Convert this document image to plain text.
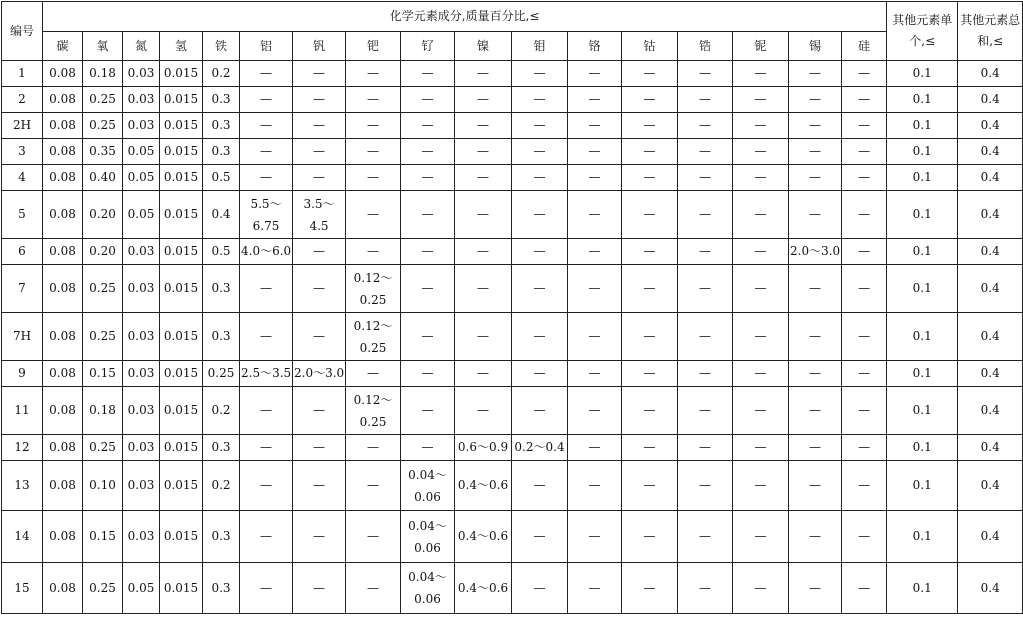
编号	化学元素成分,质量百分比,≤																	其他元素单个,≤	其他元素总和,≤
	碳	氧	氮	氢	铁	铝	钒	钯	钌	镍	钼	铬	钴	锆	铌	锡	硅		
1	0.08	0.18	0.03	0.015	0.2	—	—	—	—	—	—	—	—	—	—	—	—	0.1	0.4
2	0.08	0.25	0.03	0.015	0.3	—	—	—	—	—	—	—	—	—	—	—	—	0.1	0.4
2H	0.08	0.25	0.03	0.015	0.3	—	—	—	—	—	—	—	—	—	—	—	—	0.1	0.4
3	0.08	0.35	0.05	0.015	0.3	—	—	—	—	—	—	—	—	—	—	—	—	0.1	0.4
4	0.08	0.40	0.05	0.015	0.5	—	—	—	—	—	—	—	—	—	—	—	—	0.1	0.4
5	0.08	0.20	0.05	0.015	0.4	5.5～6.75	3.5～4.5	—	—	—	—	—	—	—	—	—	—	0.1	0.4
6	0.08	0.20	0.03	0.015	0.5	4.0～6.0	—	—	—	—	—	—	—	—	—	2.0～3.0	—	0.1	0.4
7	0.08	0.25	0.03	0.015	0.3	—	—	0.12～0.25	—	—	—	—	—	—	—	—	—	0.1	0.4
7H	0.08	0.25	0.03	0.015	0.3	—	—	0.12～0.25	—	—	—	—	—	—	—	—	—	0.1	0.4
9	0.08	0.15	0.03	0.015	0.25	2.5～3.5	2.0～3.0	—	—	—	—	—	—	—	—	—	—	0.1	0.4
11	0.08	0.18	0.03	0.015	0.2	—	—	0.12～0.25	—	—	—	—	—	—	—	—	—	0.1	0.4
12	0.08	0.25	0.03	0.015	0.3	—	—	—	—	0.6～0.9	0.2～0.4	—	—	—	—	—	—	0.1	0.4
13	0.08	0.10	0.03	0.015	0.2	—	—	—	0.04～0.06	0.4～0.6	—	—	—	—	—	—	—	0.1	0.4
14	0.08	0.15	0.03	0.015	0.3	—	—	—	0.04～0.06	0.4～0.6	—	—	—	—	—	—	—	0.1	0.4
15	0.08	0.25	0.05	0.015	0.3	—	—	—	0.04～0.06	0.4～0.6	—	—	—	—	—	—	—	0.1	0.4
